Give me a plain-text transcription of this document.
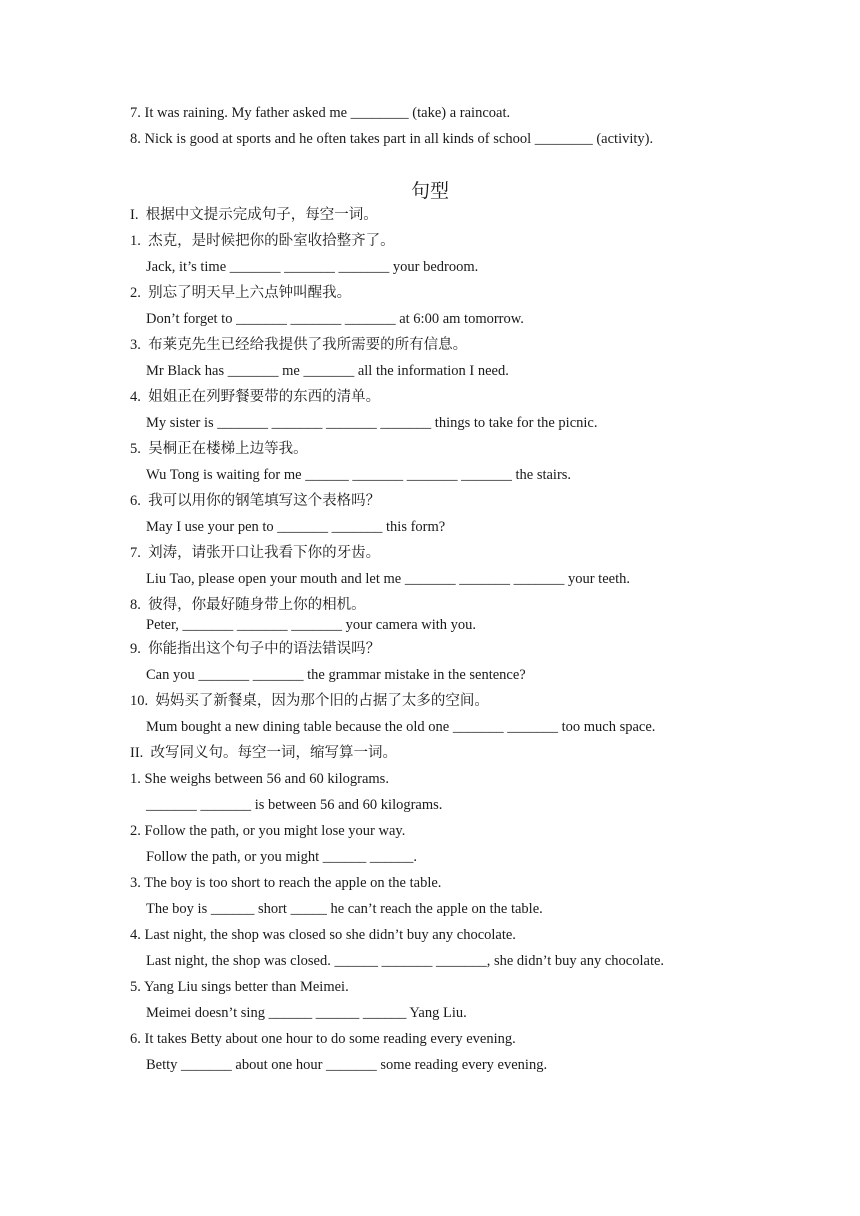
7. It was raining. My father asked me ________ (take) a raincoat.
8. Nick is good at sports and he often takes part in all kinds of school ________ (activity).
句型
I.  根据中文提示完成句子，每空一词。
1.  杰克，是时候把你的卧室收拾整齐了。
Jack, it’s time _______ _______ _______ your bedroom.
2.  别忘了明天早上六点钟叫醒我。
Don’t forget to _______ _______ _______ at 6:00 am tomorrow.
3.  布莱克先生已经给我提供了我所需要的所有信息。
Mr Black has _______ me _______ all the information I need.
4.  姐姐正在列野餐要带的东西的清单。
My sister is _______ _______ _______ _______ things to take for the picnic.
5.  吴桐正在楼梯上边等我。
Wu Tong is waiting for me ______ _______ _______ _______ the stairs.
6.  我可以用你的钢笔填写这个表格吗？
May I use your pen to _______ _______ this form?
7.  刘涛，请张开口让我看下你的牙齿。
Liu Tao, please open your mouth and let me _______ _______ _______ your teeth.
8.  彼得，你最好随身带上你的相机。
Peter, _______ _______ _______ your camera with you.
9.  你能指出这个句子中的语法错误吗？
Can you _______ _______ the grammar mistake in the sentence?
10.  妈妈买了新餐桌，因为那个旧的占据了太多的空间。
Mum bought a new dining table because the old one _______ _______ too much space.
II.  改写同义句。每空一词，缩写算一词。
1. She weighs between 56 and 60 kilograms.
_______ _______ is between 56 and 60 kilograms.
2. Follow the path, or you might lose your way.
Follow the path, or you might ______ ______.
3. The boy is too short to reach the apple on the table.
The boy is ______ short _____ he can’t reach the apple on the table.
4. Last night, the shop was closed so she didn’t buy any chocolate.
Last night, the shop was closed. ______ _______ _______, she didn’t buy any chocolate.
5. Yang Liu sings better than Meimei.
Meimei doesn’t sing ______ ______ ______ Yang Liu.
6. It takes Betty about one hour to do some reading every evening.
Betty _______ about one hour _______ some reading every evening.
